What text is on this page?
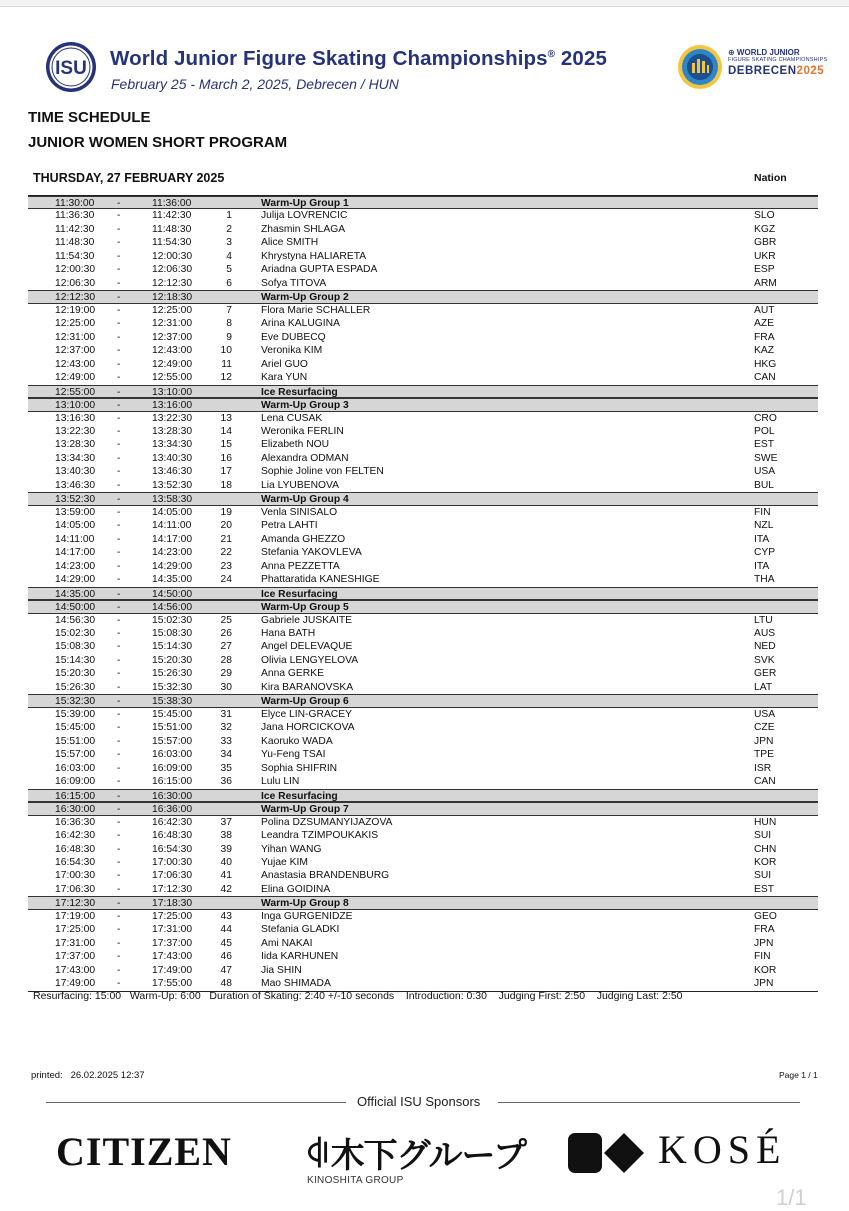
ISU World Junior Figure Skating Championships® 2025
February 25 - March 2, 2025, Debrecen / HUN
⊕ WORLD JUNIOR
FIGURE SKATING CHAMPIONSHIPS
DEBRECEN2025
TIME SCHEDULE
JUNIOR WOMEN SHORT PROGRAM
THURSDAY, 27 FEBRUARY 2025	Nation
11:30:00 -	11:36:00	Warm-Up Group 1
11:36:30 -	11:42:30	1	Julija LOVRENCIC	SLO
11:42:30 -	11:48:30	2	Zhasmin SHLAGA	KGZ
11:48:30 -	11:54:30	3	Alice SMITH	GBR
11:54:30 -	12:00:30	4	Khrystyna HALIARETA	UKR
12:00:30 -	12:06:30	5	Ariadna GUPTA ESPADA	ESP
12:06:30 -	12:12:30	6	Sofya TITOVA	ARM
12:12:30 -	12:18:30	Warm-Up Group 2
12:19:00 -	12:25:00	7	Flora Marie SCHALLER	AUT
12:25:00 -	12:31:00	8	Arina KALUGINA	AZE
12:31:00 -	12:37:00	9	Eve DUBECQ	FRA
12:37:00 -	12:43:00	10	Veronika KIM	KAZ
12:43:00 -	12:49:00	11	Ariel GUO	HKG
12:49:00 -	12:55:00	12	Kara YUN	CAN
12:55:00 -	13:10:00	Ice Resurfacing
13:10:00 -	13:16:00	Warm-Up Group 3
13:16:30 -	13:22:30	13	Lena CUSAK	CRO
13:22:30 -	13:28:30	14	Weronika FERLIN	POL
13:28:30 -	13:34:30	15	Elizabeth NOU	EST
13:34:30 -	13:40:30	16	Alexandra ODMAN	SWE
13:40:30 -	13:46:30	17	Sophie Joline von FELTEN	USA
13:46:30 -	13:52:30	18	Lia LYUBENOVA	BUL
13:52:30 -	13:58:30	Warm-Up Group 4
13:59:00 -	14:05:00	19	Venla SINISALO	FIN
14:05:00 -	14:11:00	20	Petra LAHTI	NZL
14:11:00 -	14:17:00	21	Amanda GHEZZO	ITA
14:17:00 -	14:23:00	22	Stefania YAKOVLEVA	CYP
14:23:00 -	14:29:00	23	Anna PEZZETTA	ITA
14:29:00 -	14:35:00	24	Phattaratida KANESHIGE	THA
14:35:00 -	14:50:00	Ice Resurfacing
14:50:00 -	14:56:00	Warm-Up Group 5
14:56:30 -	15:02:30	25	Gabriele JUSKAITE	LTU
15:02:30 -	15:08:30	26	Hana BATH	AUS
15:08:30 -	15:14:30	27	Angel DELEVAQUE	NED
15:14:30 -	15:20:30	28	Olivia LENGYELOVA	SVK
15:20:30 -	15:26:30	29	Anna GERKE	GER
15:26:30 -	15:32:30	30	Kira BARANOVSKA	LAT
15:32:30 -	15:38:30	Warm-Up Group 6
15:39:00 -	15:45:00	31	Elyce LIN-GRACEY	USA
15:45:00 -	15:51:00	32	Jana HORCICKOVA	CZE
15:51:00 -	15:57:00	33	Kaoruko WADA	JPN
15:57:00 -	16:03:00	34	Yu-Feng TSAI	TPE
16:03:00 -	16:09:00	35	Sophia SHIFRIN	ISR
16:09:00 -	16:15:00	36	Lulu LIN	CAN
16:15:00 -	16:30:00	Ice Resurfacing
16:30:00 -	16:36:00	Warm-Up Group 7
16:36:30 -	16:42:30	37	Polina DZSUMANYIJAZOVA	HUN
16:42:30 -	16:48:30	38	Leandra TZIMPOUKAKIS	SUI
16:48:30 -	16:54:30	39	Yihan WANG	CHN
16:54:30 -	17:00:30	40	Yujae KIM	KOR
17:00:30 -	17:06:30	41	Anastasia BRANDENBURG	SUI
17:06:30 -	17:12:30	42	Elina GOIDINA	EST
17:12:30 -	17:18:30	Warm-Up Group 8
17:19:00 -	17:25:00	43	Inga GURGENIDZE	GEO
17:25:00 -	17:31:00	44	Stefania GLADKI	FRA
17:31:00 -	17:37:00	45	Ami NAKAI	JPN
17:37:00 -	17:43:00	46	Iida KARHUNEN	FIN
17:43:00 -	17:49:00	47	Jia SHIN	KOR
17:49:00 -	17:55:00	48	Mao SHIMADA	JPN
Resurfacing: 15:00   Warm-Up: 6:00   Duration of Skating: 2:40 +/-10 seconds    Introduction: 0:30    Judging First: 2:50    Judging Last: 2:50
printed:   26.02.2025 12:37	Page 1 / 1
Official ISU Sponsors
CITIZEN ꁥ木下グループ
KINOSHITA GROUP
KOSÉ
1/1
